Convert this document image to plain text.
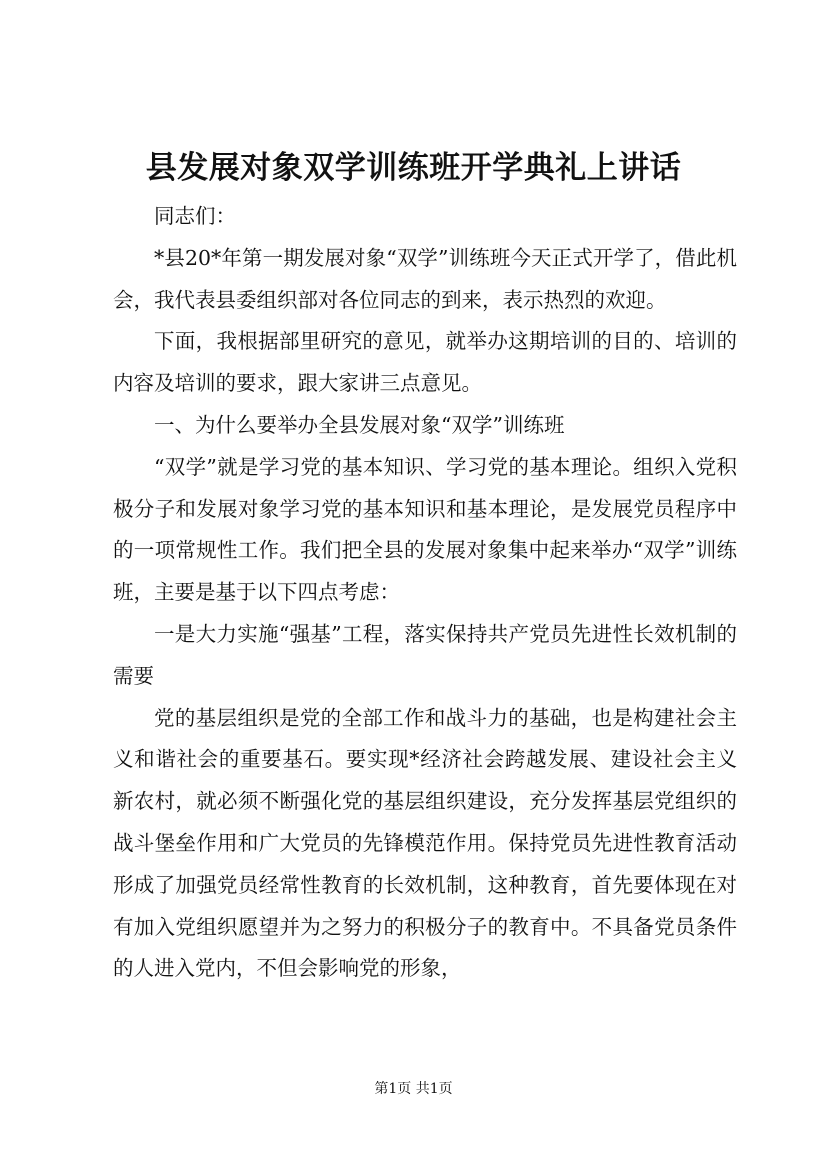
县发展对象双学训练班开学典礼上讲话

同志们：

*县20*年第一期发展对象“双学”训练班今天正式开学了，借此机会，我代表县委组织部对各位同志的到来，表示热烈的欢迎。

下面，我根据部里研究的意见，就举办这期培训的目的、培训的内容及培训的要求，跟大家讲三点意见。

一、为什么要举办全县发展对象“双学”训练班

“双学”就是学习党的基本知识、学习党的基本理论。组织入党积极分子和发展对象学习党的基本知识和基本理论，是发展党员程序中的一项常规性工作。我们把全县的发展对象集中起来举办“双学”训练班，主要是基于以下四点考虑：

一是大力实施“强基”工程，落实保持共产党员先进性长效机制的需要

党的基层组织是党的全部工作和战斗力的基础，也是构建社会主义和谐社会的重要基石。要实现*经济社会跨越发展、建设社会主义新农村，就必须不断强化党的基层组织建设，充分发挥基层党组织的战斗堡垒作用和广大党员的先锋模范作用。保持党员先进性教育活动形成了加强党员经常性教育的长效机制，这种教育，首先要体现在对有加入党组织愿望并为之努力的积极分子的教育中。不具备党员条件的人进入党内，不但会影响党的形象，

第1页 共1页
